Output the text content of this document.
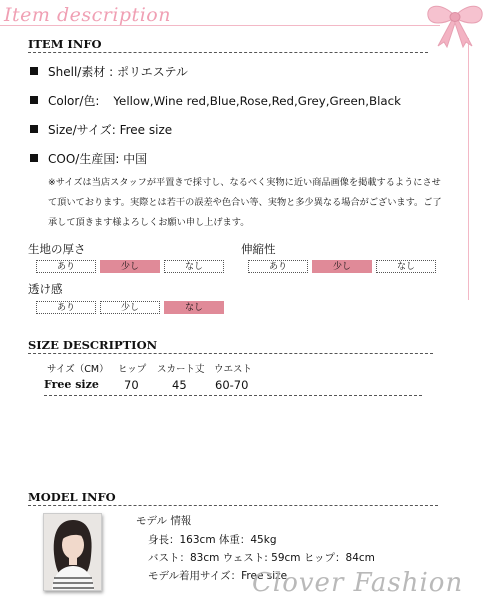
Item description
ITEM INFO
Shell/素材 : ポリエステル
Color/色: Yellow,Wine red,Blue,Rose,Red,Grey,Green,Black
Size/サイズ: Free size
COO/生産国: 中国
※サイズは当店スタッフが平置きで採寸し、なるべく実物に近い商品画像を掲載するようにさせて頂いております。実際とは若干の誤差や色合い等、実物と多少異なる場合がございます。ご了承して頂きます様よろしくお願い申し上げます。
生地の厚さ
あり	少し	なし
伸縮性
あり	少し	なし
透け感
あり	少し	なし
SIZE DESCRIPTION
サイズ（CM） ヒップ スカート丈 ウエスト
Free size 70	45 60-70
MODEL INFO
モデル 情報
身長：163cm 体重：45kg
バスト：83cm ウェスト: 59cm ヒップ：84cm
モデル着用サイズ：Free size
Clover Fashion
